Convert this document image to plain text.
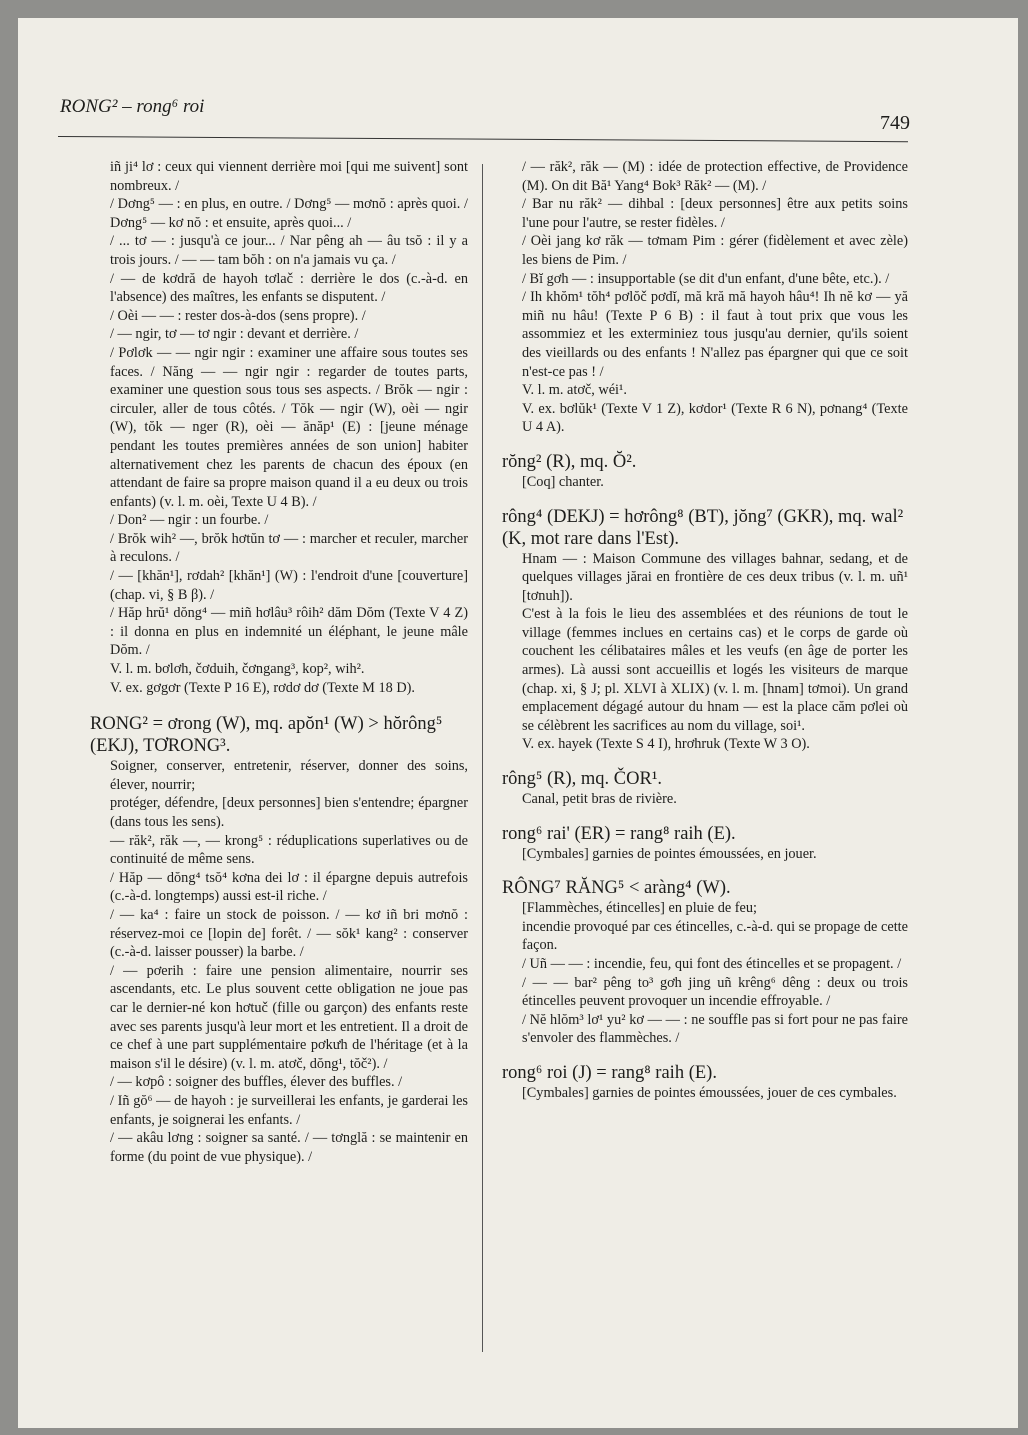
RONG² – rong⁶ roi
749

iñ ji⁴ lơ : ceux qui viennent derrière moi [qui me suivent] sont nombreux. /

/ Dơng⁵ — : en plus, en outre. / Dơng⁵ — mơnŏ : après quoi. / Dơng⁵ — kơ nŏ : et ensuite, après quoi... /

/ ... tơ — : jusqu'à ce jour... / Nar pêng ah — âu tsŏ : il y a trois jours. / — — tam bŏh : on n'a jamais vu ça. /

/ — de kơdră de hayoh tơlač : derrière le dos (c.-à-d. en l'absence) des maîtres, les enfants se disputent. /

/ Oèi — — : rester dos-à-dos (sens propre). /

/ — ngir, tơ — tơ ngir : devant et derrière. /

/ Pơlơk — — ngir ngir : examiner une affaire sous toutes ses faces. / Năng — — ngir ngir : regarder de toutes parts, examiner une question sous tous ses aspects. / Brŏk — ngir : circuler, aller de tous côtés. / Tŏk — ngir (W), oèi — ngir (W), tŏk — nger (R), oèi — ănăp¹ (E) : [jeune ménage pendant les toutes premières années de son union] habiter alternativement chez les parents de chacun des époux (en attendant de faire sa propre maison quand il a eu deux ou trois enfants) (v. l. m. oèi, Texte U 4 B). /

/ Don² — ngir : un fourbe. /

/ Brŏk wih² —, brŏk hơtŭn tơ — : marcher et reculer, marcher à reculons. /

/ — [khăn¹], rơdah² [khăn¹] (W) : l'endroit d'une [couverture] (chap. vi, § B β). /

/ Hăp hrŭ¹ dŏng⁴ — miñ hơlâu³ rôih² dăm Dŏm (Texte V 4 Z) : il donna en plus en indemnité un éléphant, le jeune mâle Dŏm. /

V. l. m. bơlơh, čơduih, čơngang³, kop², wih².

V. ex. gơgơr (Texte P 16 E), rơdơ dơ (Texte M 18 D).

RONG² = ơrong (W), mq. apŏn¹ (W) > hŏrông⁵ (EKJ), TƠRONG³.

Soigner, conserver, entretenir, réserver, donner des soins, élever, nourrir;

protéger, défendre, [deux personnes] bien s'entendre; épargner (dans tous les sens).

— răk², răk —, — krong⁵ : réduplications superlatives ou de continuité de même sens.

/ Hăp — dŏng⁴ tsŏ⁴ kơna dei lơ : il épargne depuis autrefois (c.-à-d. longtemps) aussi est-il riche. /

/ — ka⁴ : faire un stock de poisson. / — kơ iñ bri mơnŏ : réservez-moi ce [lopin de] forêt. / — sŏk¹ kang² : conserver (c.-à-d. laisser pousser) la barbe. /

/ — pơerih : faire une pension alimentaire, nourrir ses ascendants, etc. Le plus souvent cette obligation ne joue pas car le dernier-né kon hơtuč (fille ou garçon) des enfants reste avec ses parents jusqu'à leur mort et les entretient. Il a droit de ce chef à une part supplémentaire pơkưh de l'héritage (et à la maison s'il le désire) (v. l. m. atơč, dŏng¹, tŏč²). /

/ — kơpô : soigner des buffles, élever des buffles. /

/ Iñ gŏ⁶ — de hayoh : je surveillerai les enfants, je garderai les enfants, je soignerai les enfants. /

/ — akâu lơng : soigner sa santé. / — tơnglă : se maintenir en forme (du point de vue physique). /

/ — răk², răk — (M) : idée de protection effective, de Providence (M). On dit Bă¹ Yang⁴ Bok³ Răk² — (M). /

/ Bar nu răk² — dihbal : [deux personnes] être aux petits soins l'une pour l'autre, se rester fidèles. /

/ Oèi jang kơ răk — tơmam Pim : gérer (fidèlement et avec zèle) les biens de Pim. /

/ Bĭ gơh — : insupportable (se dit d'un enfant, d'une bête, etc.). /

/ Ih khŏm¹ tŏh⁴ pơlŏč pơdĭ, mă kră mă hayoh hâu⁴! Ih nĕ kơ — yă miñ nu hâu! (Texte P 6 B) : il faut à tout prix que vous les assommiez et les exterminiez tous jusqu'au dernier, qu'ils soient des vieillards ou des enfants ! N'allez pas épargner qui que ce soit n'est-ce pas ! /

V. l. m. atơč, wéi¹.

V. ex. bơlŭk¹ (Texte V 1 Z), kơdor¹ (Texte R 6 N), pơnang⁴ (Texte U 4 A).

rŏng² (R), mq. Ŏ².

[Coq] chanter.

rông⁴ (DEKJ) = hơrông⁸ (BT), jŏng⁷ (GKR), mq. wal² (K, mot rare dans l'Est).

Hnam — : Maison Commune des villages bahnar, sedang, et de quelques villages jărai en frontière de ces deux tribus (v. l. m. uñ¹ [tơnuh]).

C'est à la fois le lieu des assemblées et des réunions de tout le village (femmes inclues en certains cas) et le corps de garde où couchent les célibataires mâles et les veufs (en âge de porter les armes). Là aussi sont accueillis et logés les visiteurs de marque (chap. xi, § J; pl. XLVI à XLIX) (v. l. m. [hnam] tơmoi). Un grand emplacement dégagé autour du hnam — est la place căm pơlei où se célèbrent les sacrifices au nom du village, soi¹.

V. ex. hayek (Texte S 4 I), hrơhruk (Texte W 3 O).

rông⁵ (R), mq. ČOR¹.

Canal, petit bras de rivière.

rong⁶ rai' (ER) = rang⁸ raih (E).

[Cymbales] garnies de pointes émoussées, en jouer.

RÔNG⁷ RĂNG⁵ < aràng⁴ (W).

[Flammèches, étincelles] en pluie de feu;

incendie provoqué par ces étincelles, c.-à-d. qui se propage de cette façon.

/ Uñ — — : incendie, feu, qui font des étincelles et se propagent. /

/ — — bar² pêng to³ gơh jing uñ krêng⁶ dêng : deux ou trois étincelles peuvent provoquer un incendie effroyable. /

/ Nĕ hlŏm³ lơ¹ yu² kơ — — : ne souffle pas si fort pour ne pas faire s'envoler des flammèches. /

rong⁶ roi (J) = rang⁸ raih (E).

[Cymbales] garnies de pointes émoussées, jouer de ces cymbales.
